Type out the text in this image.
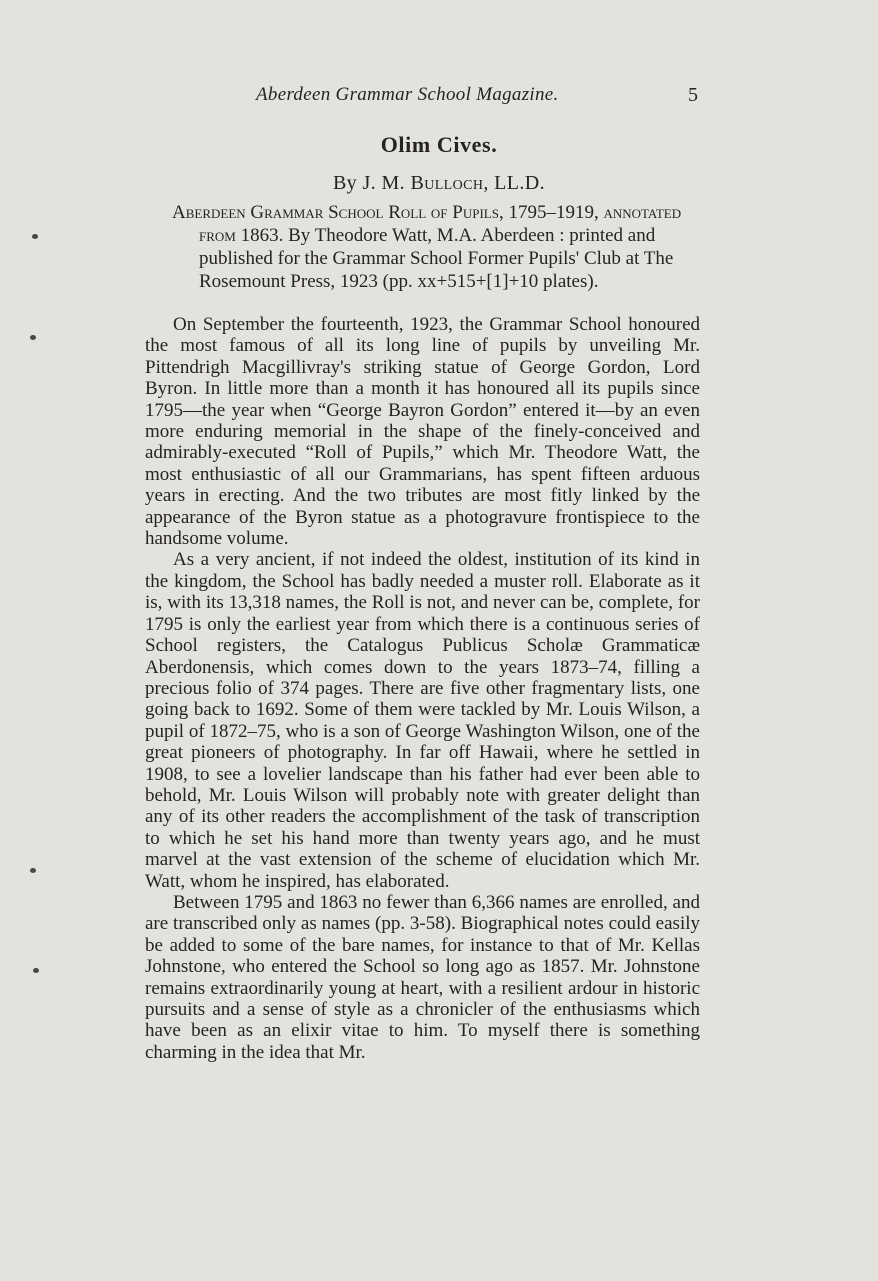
Aberdeen Grammar School Magazine.	5
Olim Cives.
By J. M. Bulloch, LL.D.

Aberdeen Grammar School Roll of Pupils, 1795–1919, annotated from 1863. By Theodore Watt, M.A. Aberdeen : printed and published for the Grammar School Former Pupils' Club at The Rosemount Press, 1923 (pp. xx+515+[1]+10 plates).

On September the fourteenth, 1923, the Grammar School honoured the most famous of all its long line of pupils by unveiling Mr. Pittendrigh Macgillivray's striking statue of George Gordon, Lord Byron. In little more than a month it has honoured all its pupils since 1795—the year when “George Bayron Gordon” entered it—by an even more enduring memorial in the shape of the finely-conceived and admirably-executed “Roll of Pupils,” which Mr. Theodore Watt, the most enthusiastic of all our Grammarians, has spent fifteen arduous years in erecting. And the two tributes are most fitly linked by the appearance of the Byron statue as a photogravure frontispiece to the handsome volume.

As a very ancient, if not indeed the oldest, institution of its kind in the kingdom, the School has badly needed a muster roll. Elaborate as it is, with its 13,318 names, the Roll is not, and never can be, complete, for 1795 is only the earliest year from which there is a continuous series of School registers, the Catalogus Publicus Scholæ Grammaticæ Aberdonensis, which comes down to the years 1873–74, filling a precious folio of 374 pages. There are five other fragmentary lists, one going back to 1692. Some of them were tackled by Mr. Louis Wilson, a pupil of 1872–75, who is a son of George Washington Wilson, one of the great pioneers of photography. In far off Hawaii, where he settled in 1908, to see a lovelier landscape than his father had ever been able to behold, Mr. Louis Wilson will probably note with greater delight than any of its other readers the accomplishment of the task of transcription to which he set his hand more than twenty years ago, and he must marvel at the vast extension of the scheme of elucidation which Mr. Watt, whom he inspired, has elaborated.

Between 1795 and 1863 no fewer than 6,366 names are enrolled, and are transcribed only as names (pp. 3-58). Biographical notes could easily be added to some of the bare names, for instance to that of Mr. Kellas Johnstone, who entered the School so long ago as 1857. Mr. Johnstone remains extraordinarily young at heart, with a resilient ardour in historic pursuits and a sense of style as a chronicler of the enthusiasms which have been as an elixir vitae to him. To myself there is something charming in the idea that Mr.
